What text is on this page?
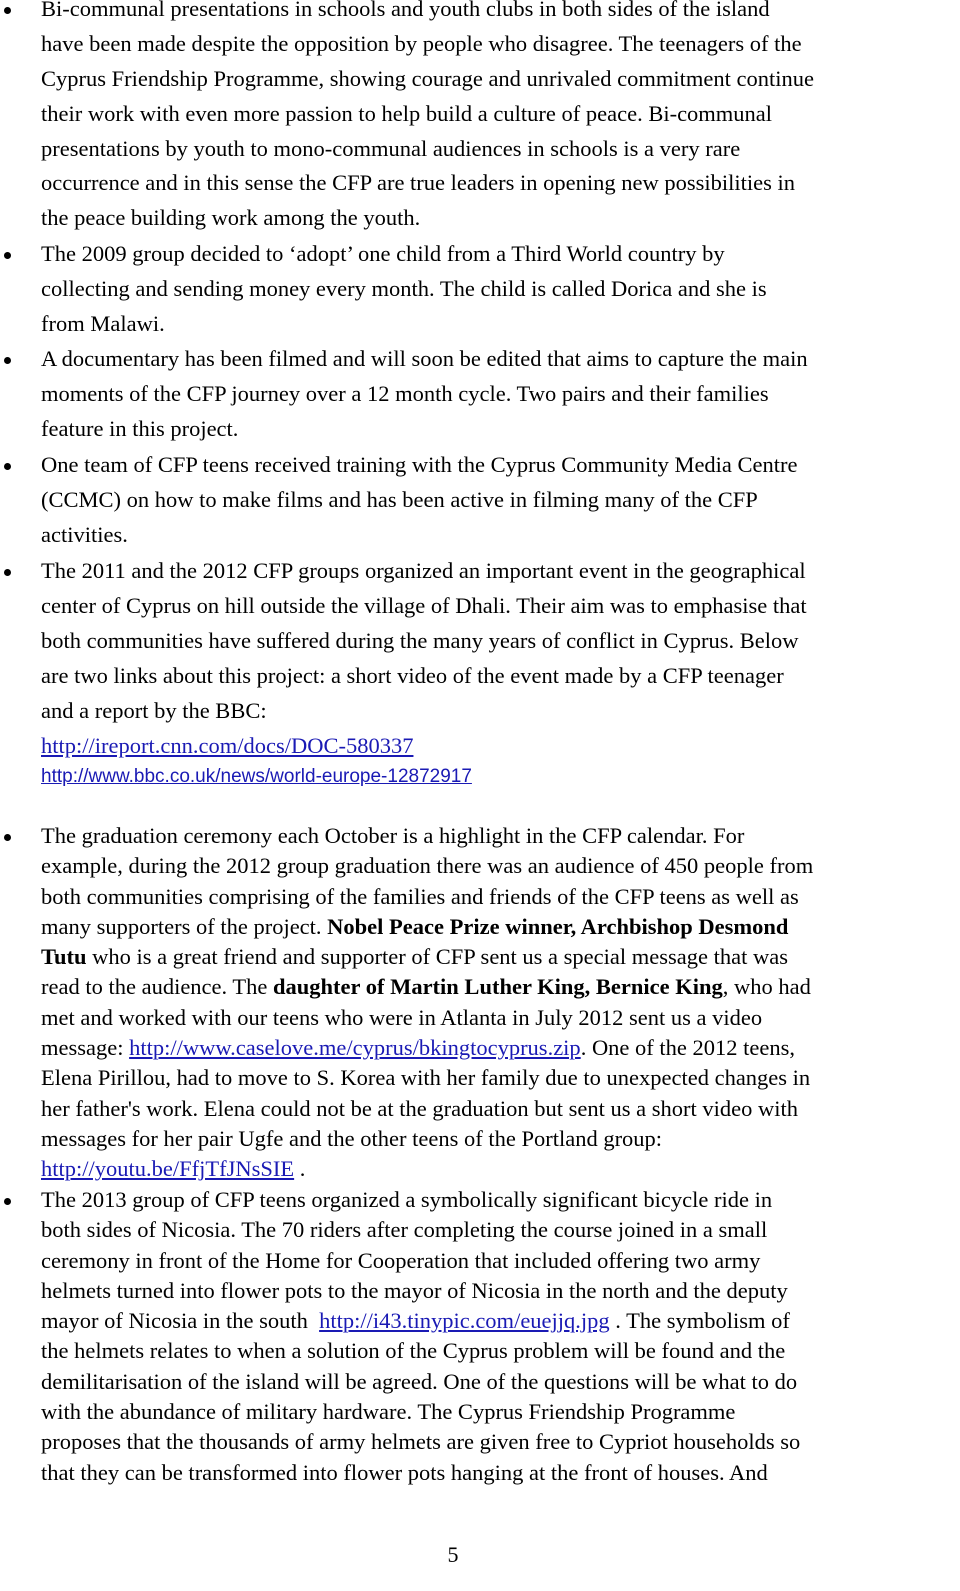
Bi-communal presentations in schools and youth clubs in both sides of the island
have been made despite the opposition by people who disagree. The teenagers of the
Cyprus Friendship Programme, showing courage and unrivaled commitment continue
their work with even more passion to help build a culture of peace. Bi-communal
presentations by youth to mono-communal audiences in schools is a very rare
occurrence and in this sense the CFP are true leaders in opening new possibilities in
the peace building work among the youth.
The 2009 group decided to ‘adopt’ one child from a Third World country by
collecting and sending money every month. The child is called Dorica and she is
from Malawi.
A documentary has been filmed and will soon be edited that aims to capture the main
moments of the CFP journey over a 12 month cycle. Two pairs and their families
feature in this project.
One team of CFP teens received training with the Cyprus Community Media Centre
(CCMC) on how to make films and has been active in filming many of the CFP
activities.
The 2011 and the 2012 CFP groups organized an important event in the geographical
center of Cyprus on hill outside the village of Dhali. Their aim was to emphasise that
both communities have suffered during the many years of conflict in Cyprus. Below
are two links about this project: a short video of the event made by a CFP teenager
and a report by the BBC:
http://ireport.cnn.com/docs/DOC-580337
http://www.bbc.co.uk/news/world-europe-12872917
The graduation ceremony each October is a highlight in the CFP calendar. For
example, during the 2012 group graduation there was an audience of 450 people from
both communities comprising of the families and friends of the CFP teens as well as
many supporters of the project. Nobel Peace Prize winner, Archbishop Desmond
Tutu who is a great friend and supporter of CFP sent us a special message that was
read to the audience. The daughter of Martin Luther King, Bernice King, who had
met and worked with our teens who were in Atlanta in July 2012 sent us a video
message: http://www.caselove.me/cyprus/bkingtocyprus.zip. One of the 2012 teens,
Elena Pirillou, had to move to S. Korea with her family due to unexpected changes in
her father's work. Elena could not be at the graduation but sent us a short video with
messages for her pair Ugfe and the other teens of the Portland group:
http://youtu.be/FfjTfJNsSIE .
The 2013 group of CFP teens organized a symbolically significant bicycle ride in
both sides of Nicosia. The 70 riders after completing the course joined in a small
ceremony in front of the Home for Cooperation that included offering two army
helmets turned into flower pots to the mayor of Nicosia in the north and the deputy
mayor of Nicosia in the south  http://i43.tinypic.com/euejjq.jpg . The symbolism of
the helmets relates to when a solution of the Cyprus problem will be found and the
demilitarisation of the island will be agreed. One of the questions will be what to do
with the abundance of military hardware. The Cyprus Friendship Programme
proposes that the thousands of army helmets are given free to Cypriot households so
that they can be transformed into flower pots hanging at the front of houses. And
5
